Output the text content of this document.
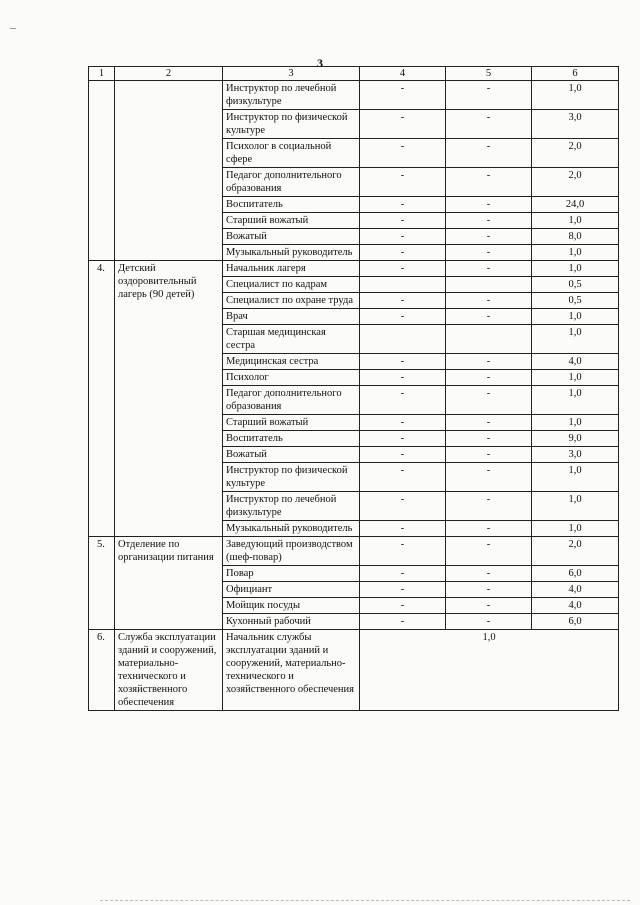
3
1	2	3	4	5	6
		Инструктор по лечебной физкультуре	-	-	1,0
		Инструктор по физической культуре	-	-	3,0
		Психолог в социальной сфере	-	-	2,0
		Педагог дополнительного образования	-	-	2,0
		Воспитатель	-	-	24,0
		Старший вожатый	-	-	1,0
		Вожатый	-	-	8,0
		Музыкальный руководитель	-	-	1,0
4.	Детский оздоровительный лагерь (90 детей)	Начальник лагеря	-	-	1,0
		Специалист по кадрам			0,5
		Специалист по охране труда	-	-	0,5
		Врач	-	-	1,0
		Старшая медицинская сестра			1,0
		Медицинская сестра	-	-	4,0
		Психолог	-	-	1,0
		Педагог дополнительного образования	-	-	1,0
		Старший вожатый	-	-	1,0
		Воспитатель	-	-	9,0
		Вожатый	-	-	3,0
		Инструктор по физической культуре	-	-	1,0
		Инструктор по лечебной физкультуре	-	-	1,0
		Музыкальный руководитель	-	-	1,0
5.	Отделение по организации питания	Заведующий производством (шеф-повар)	-	-	2,0
		Повар	-	-	6,0
		Официант	-	-	4,0
		Мойщик посуды	-	-	4,0
		Кухонный рабочий	-	-	6,0
6.	Служба эксплуатации зданий и сооружений, материально-технического и хозяйственного обеспечения	Начальник службы эксплуатации зданий и сооружений, материально-технического и хозяйственного обеспечения	1,0		
